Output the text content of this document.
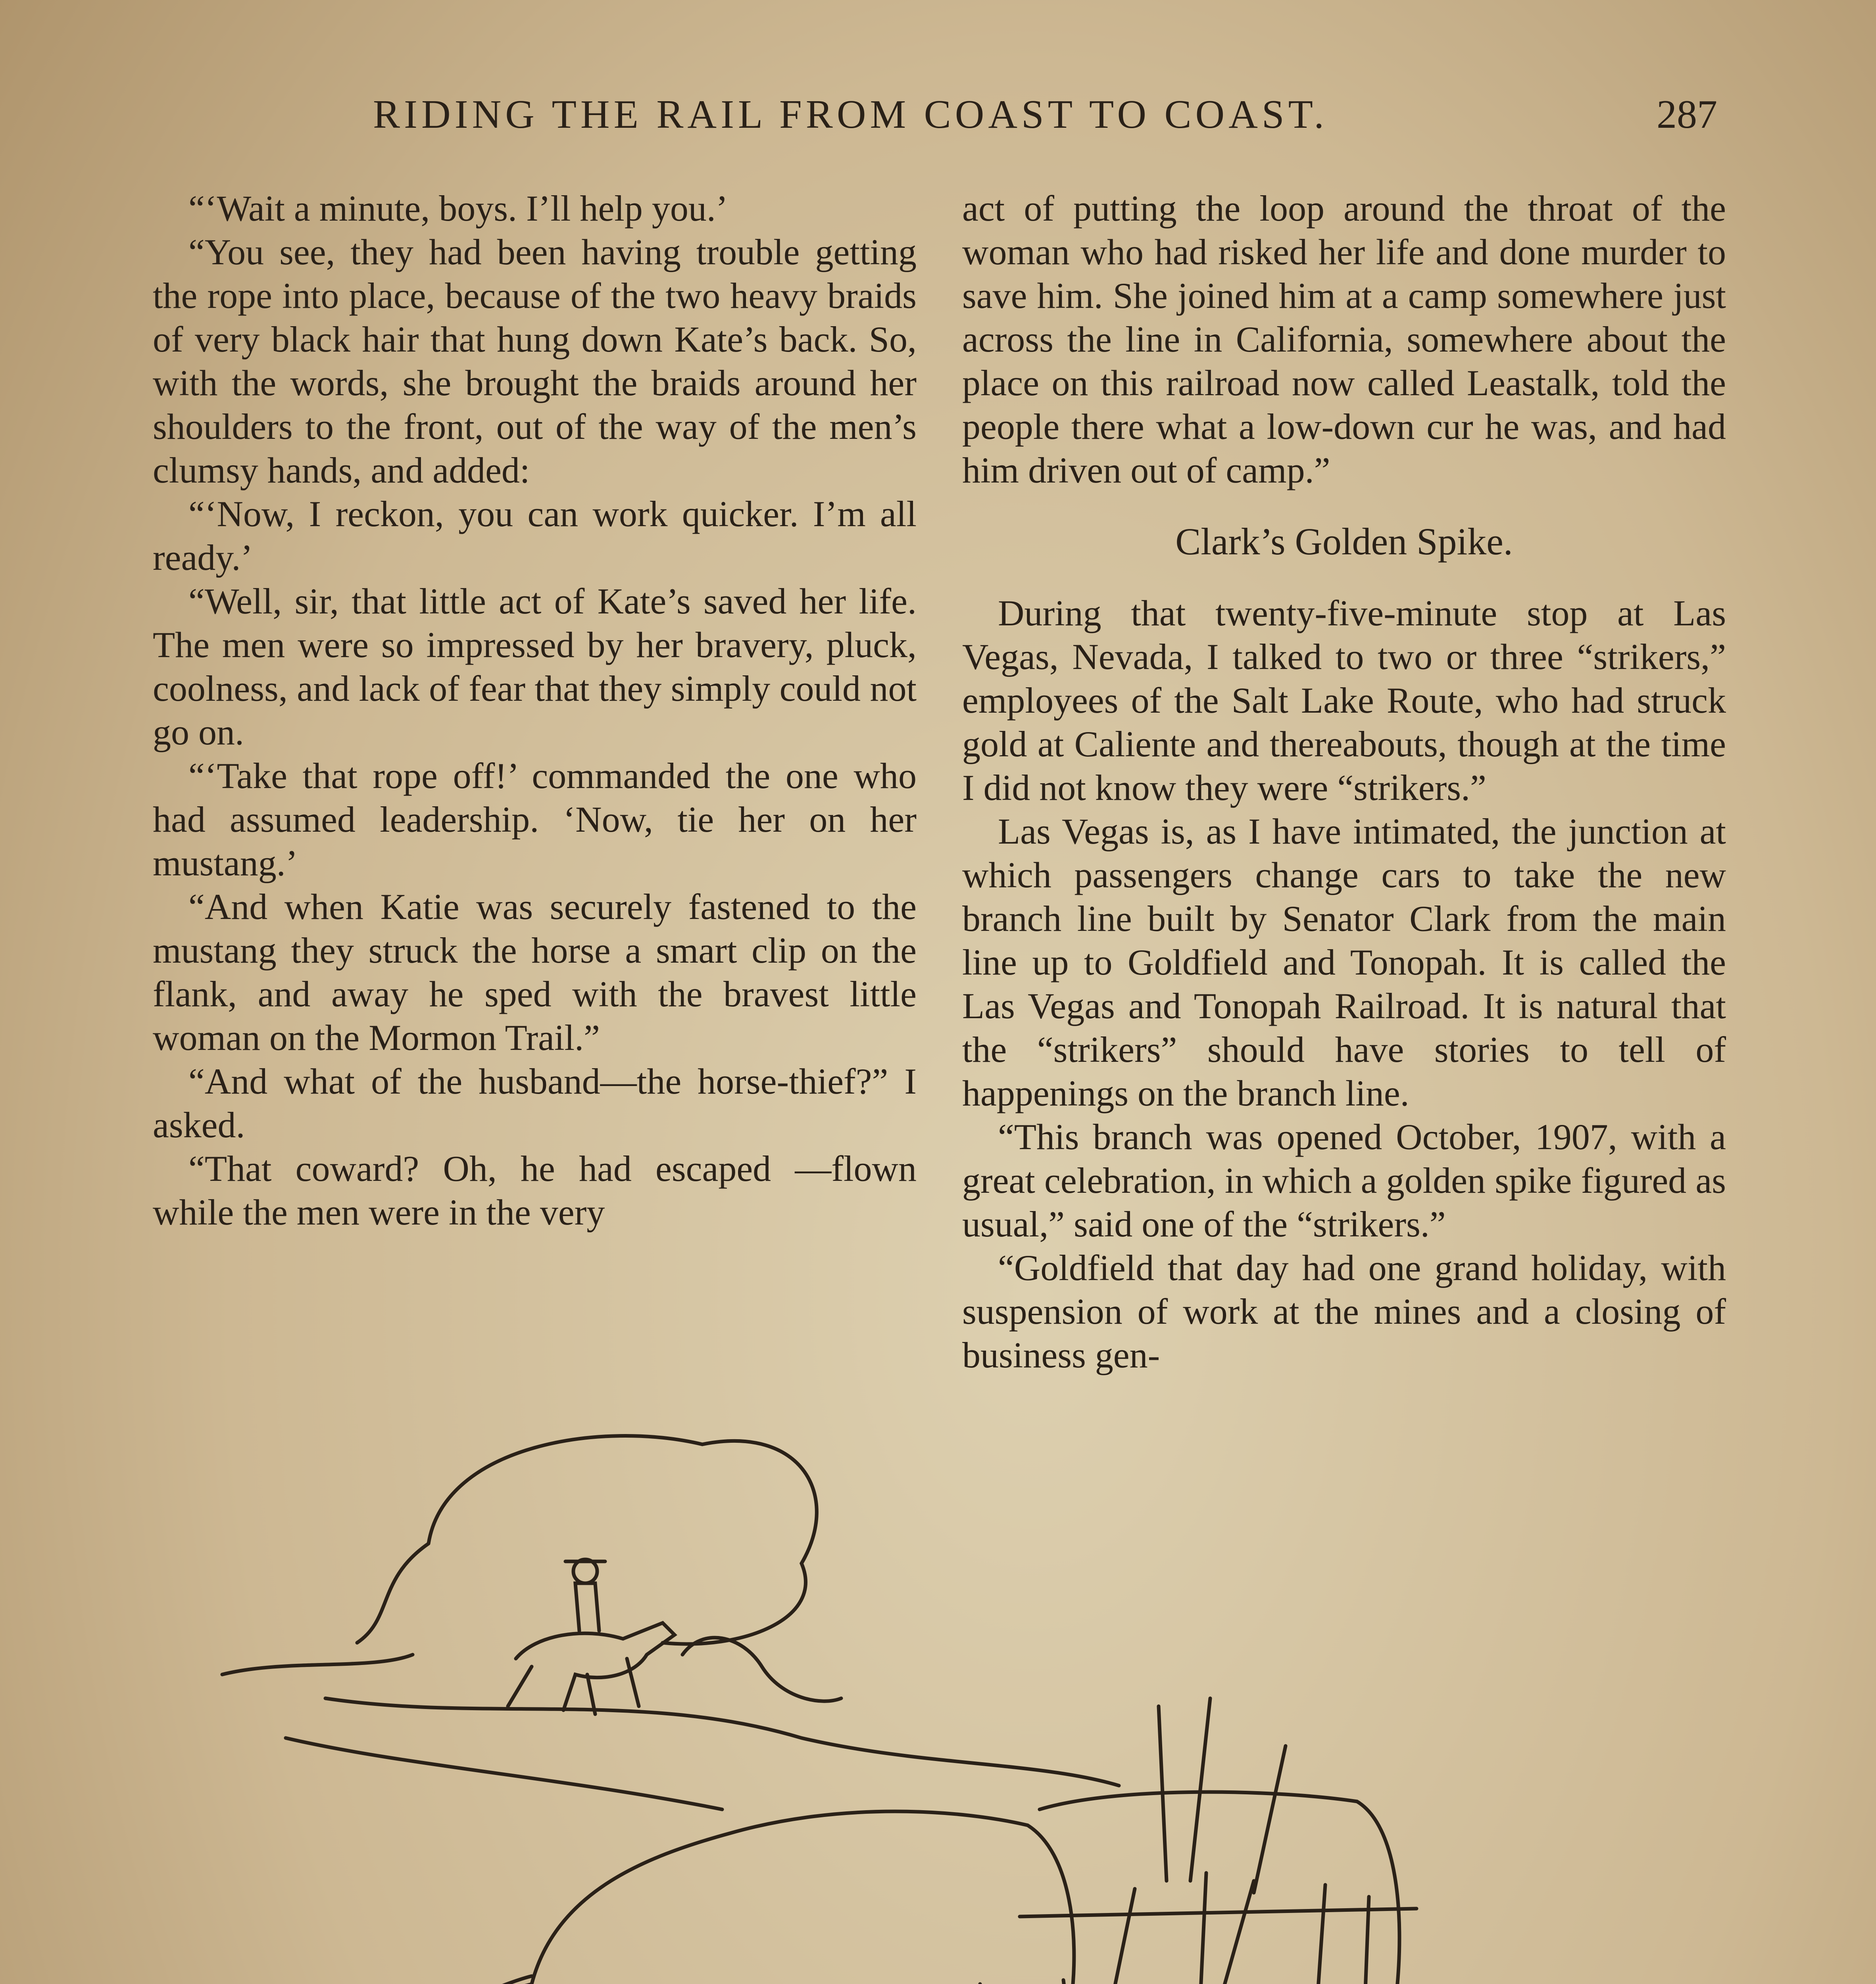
RIDING THE RAIL FROM COAST TO COAST.	287

“‘Wait a minute, boys. I’ll help you.’

“You see, they had been having trouble getting the rope into place, because of the two heavy braids of very black hair that hung down Kate’s back. So, with the words, she brought the braids around her shoulders to the front, out of the way of the men’s clumsy hands, and added:

“‘Now, I reckon, you can work quicker. I’m all ready.’

“Well, sir, that little act of Kate’s saved her life. The men were so impressed by her bravery, pluck, coolness, and lack of fear that they simply could not go on.

“‘Take that rope off!’ commanded the one who had assumed leadership. ‘Now, tie her on her mustang.’

“And when Katie was securely fastened to the mustang they struck the horse a smart clip on the flank, and away he sped with the bravest little woman on the Mormon Trail.”

“And what of the husband—the horse-thief?” I asked.

“That coward? Oh, he had escaped —flown while the men were in the very

act of putting the loop around the throat of the woman who had risked her life and done murder to save him. She joined him at a camp somewhere just across the line in California, somewhere about the place on this railroad now called Leastalk, told the people there what a low-down cur he was, and had him driven out of camp.”

Clark’s Golden Spike.

During that twenty-five-minute stop at Las Vegas, Nevada, I talked to two or three “strikers,” employees of the Salt Lake Route, who had struck gold at Caliente and thereabouts, though at the time I did not know they were “strikers.”

Las Vegas is, as I have intimated, the junction at which passengers change cars to take the new branch line built by Senator Clark from the main line up to Goldfield and Tonopah. It is called the Las Vegas and Tonopah Railroad. It is natural that the “strikers” should have stories to tell of happenings on the branch line.

“This branch was opened October, 1907, with a great celebration, in which a golden spike figured as usual,” said one of the “strikers.”

“Goldfield that day had one grand holiday, with suspension of work at the mines and a closing of business gen-
